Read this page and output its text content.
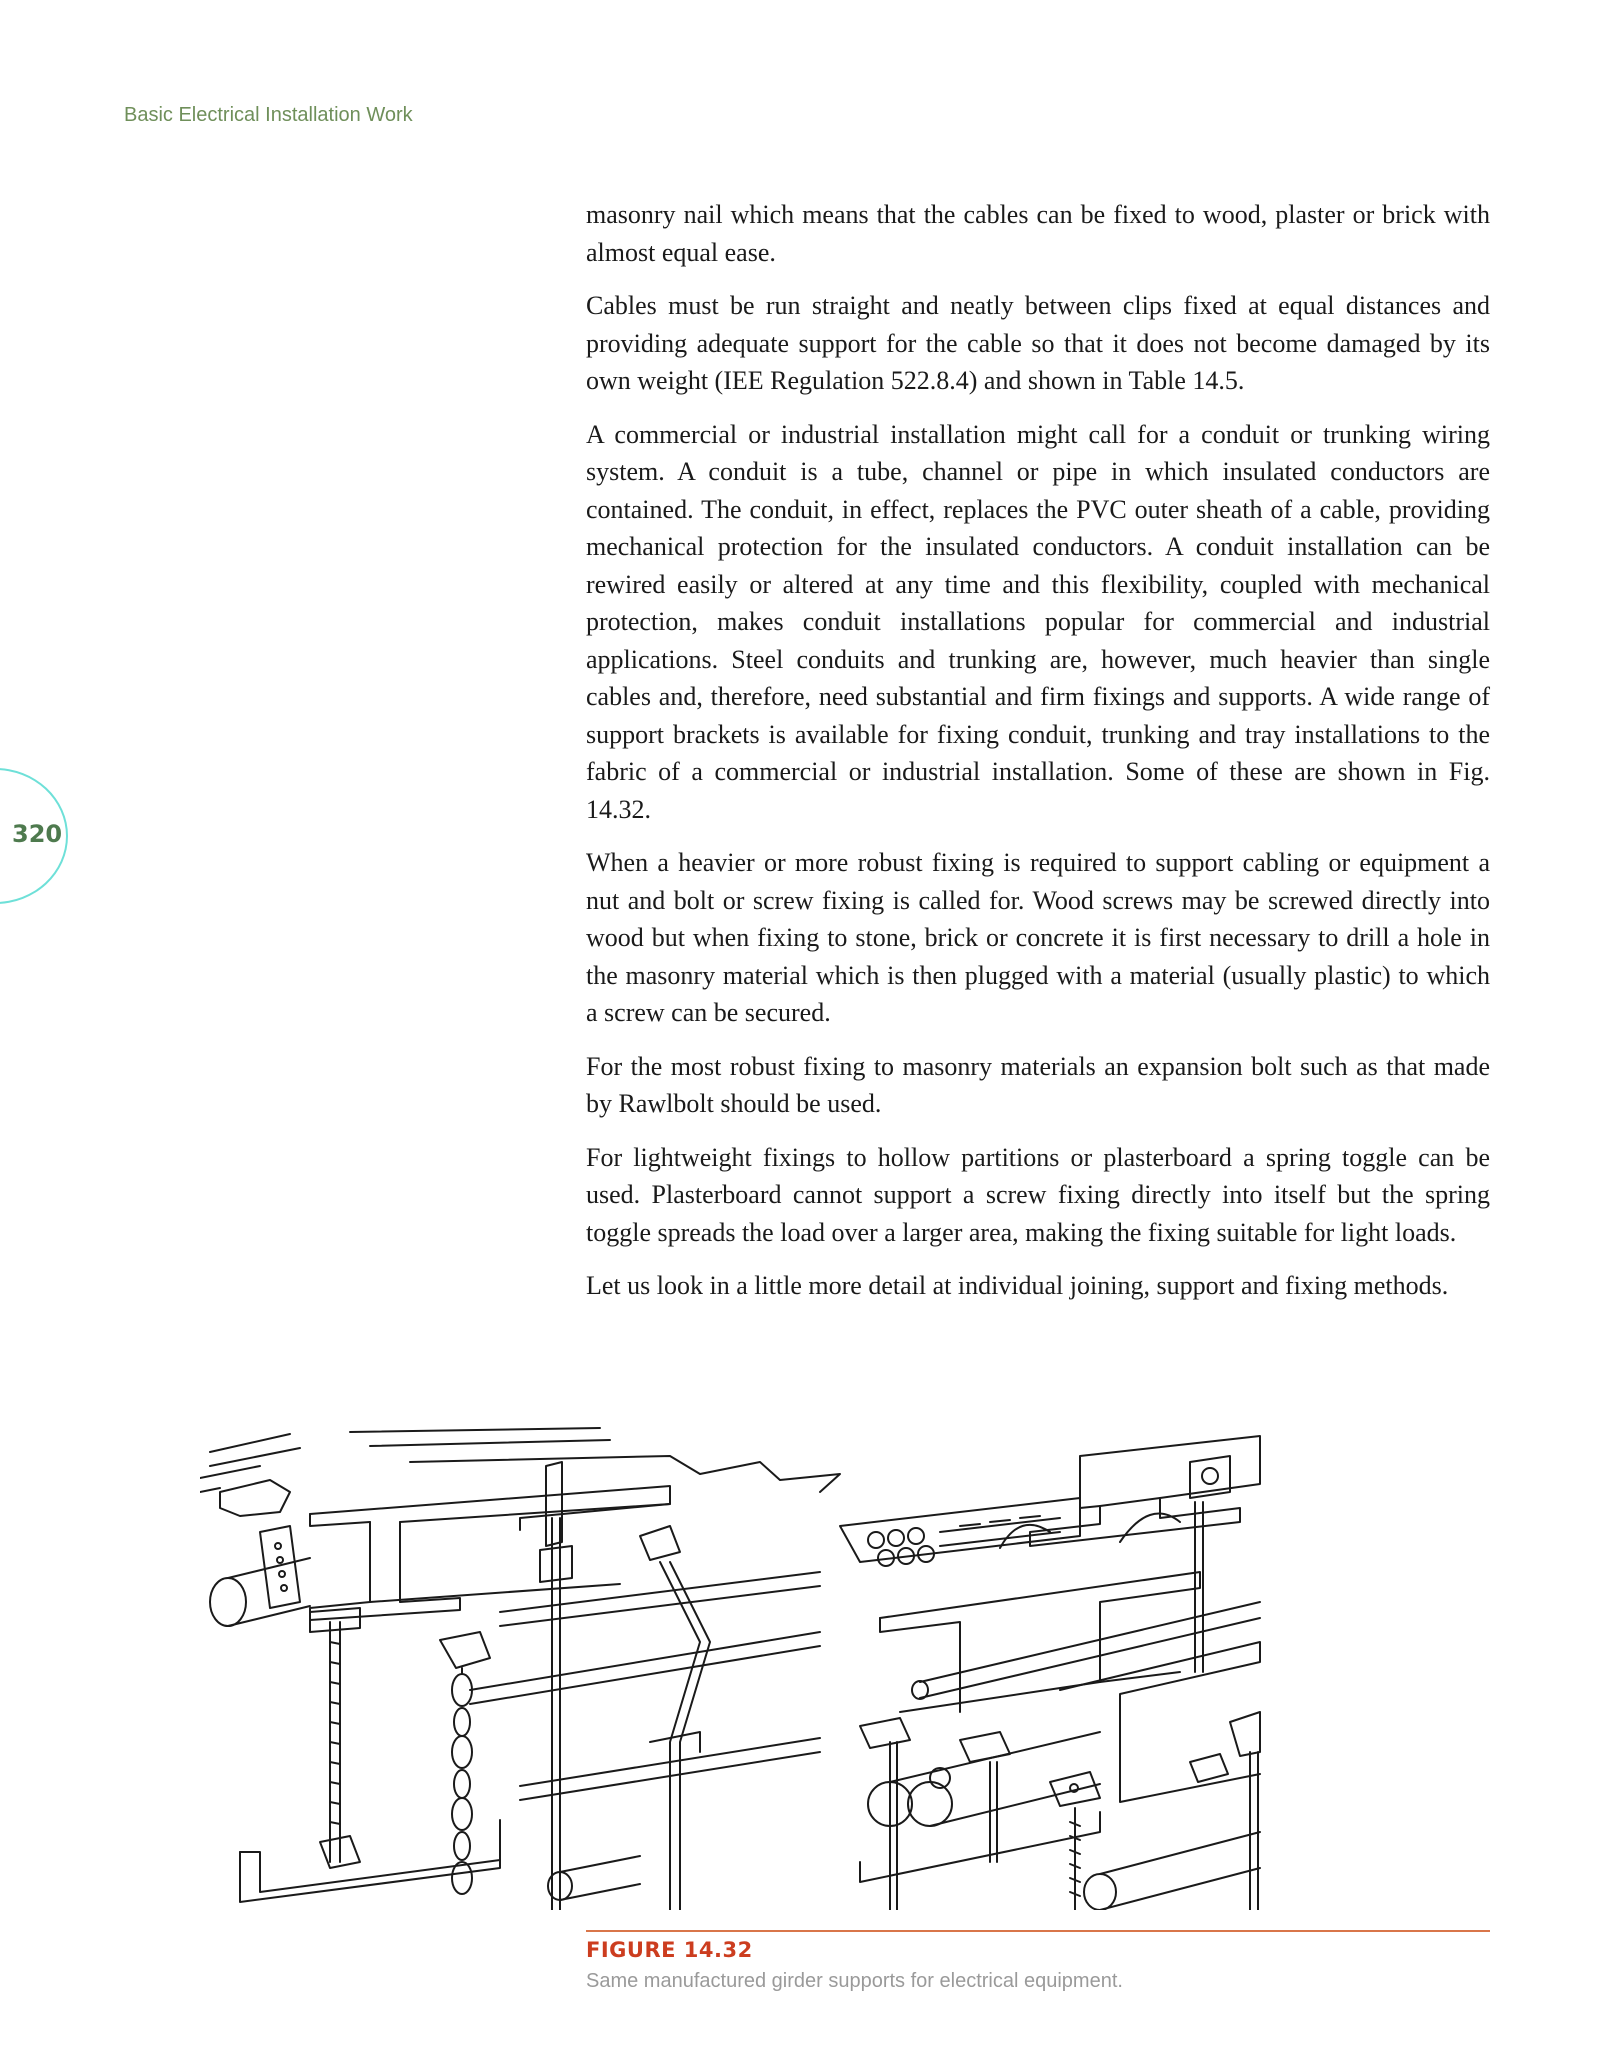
Basic Electrical Installation Work
320

masonry nail which means that the cables can be fixed to wood, plaster or brick with almost equal ease.

Cables must be run straight and neatly between clips fixed at equal distances and providing adequate support for the cable so that it does not become damaged by its own weight (IEE Regulation 522.8.4) and shown in Table 14.5.

A commercial or industrial installation might call for a conduit or trunking wiring system. A conduit is a tube, channel or pipe in which insulated conductors are contained. The conduit, in effect, replaces the PVC outer sheath of a cable, providing mechanical protection for the insulated conductors. A conduit installation can be rewired easily or altered at any time and this flexibility, coupled with mechanical protection, makes conduit installations popular for commercial and industrial applications. Steel conduits and trunking are, however, much heavier than single cables and, therefore, need substantial and firm fixings and supports. A wide range of support brackets is available for fixing conduit, trunking and tray installations to the fabric of a commercial or industrial installation. Some of these are shown in Fig. 14.32.

When a heavier or more robust fixing is required to support cabling or equipment a nut and bolt or screw fixing is called for. Wood screws may be screwed directly into wood but when fixing to stone, brick or concrete it is first necessary to drill a hole in the masonry material which is then plugged with a material (usually plastic) to which a screw can be secured.

For the most robust fixing to masonry materials an expansion bolt such as that made by Rawlbolt should be used.

For lightweight fixings to hollow partitions or plasterboard a spring toggle can be used. Plasterboard cannot support a screw fixing directly into itself but the spring toggle spreads the load over a larger area, making the fixing suitable for light loads.

Let us look in a little more detail at individual joining, support and fixing methods.

FIGURE 14.32
Same manufactured girder supports for electrical equipment.
